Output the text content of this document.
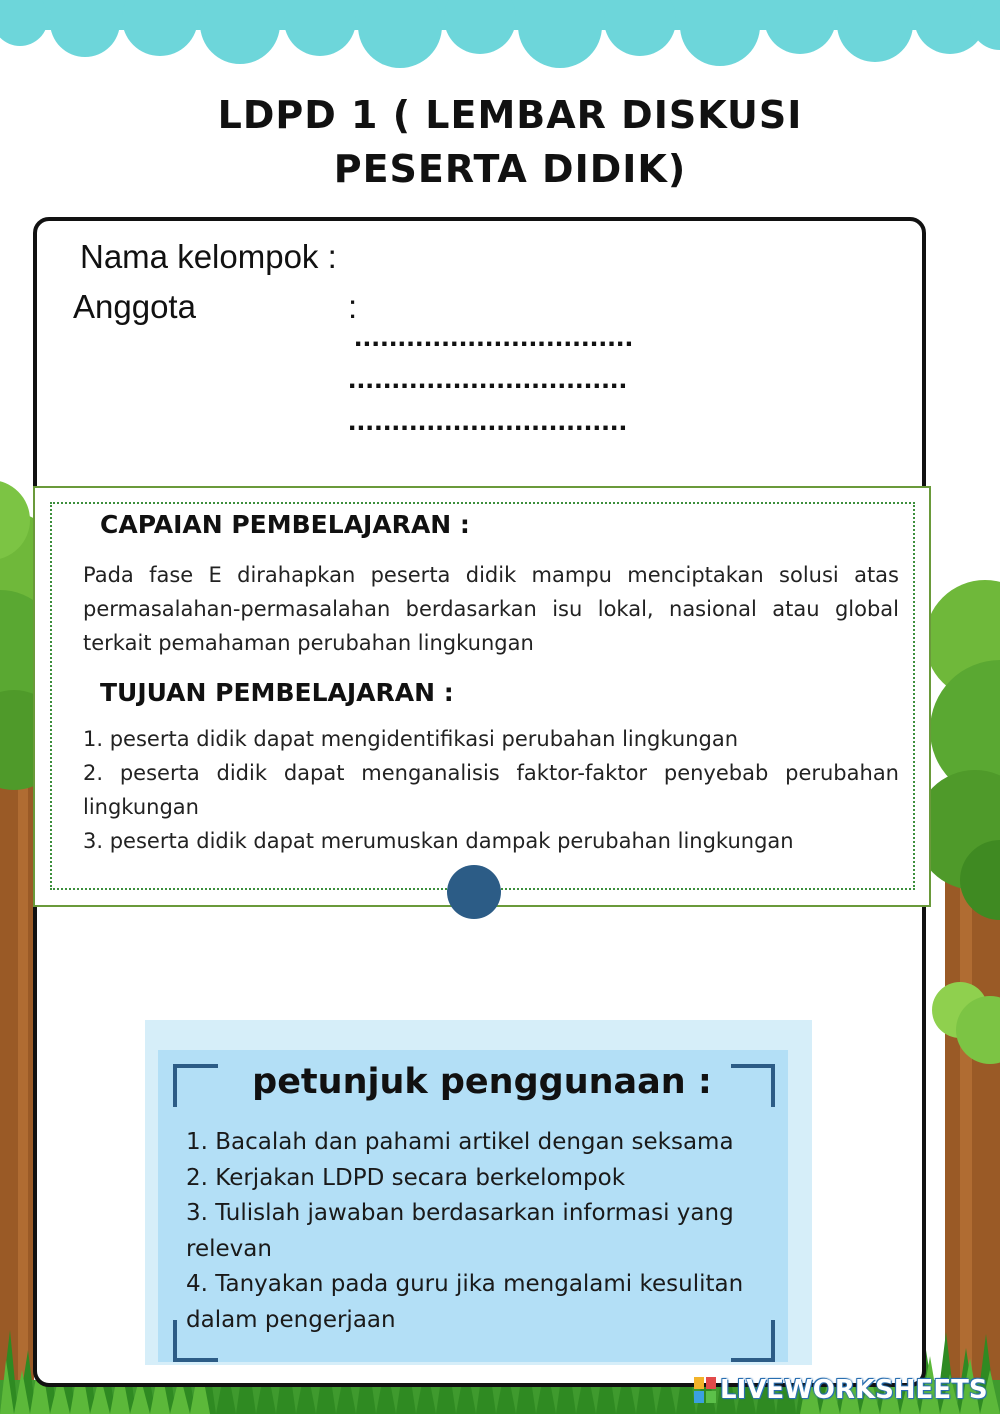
LDPD 1 ( LEMBAR DISKUSI PESERTA DIDIK)
Nama kelompok :
Anggota	:
................................
................................
................................
CAPAIAN PEMBELAJARAN :
Pada fase E dirahapkan peserta didik mampu menciptakan solusi atas permasalahan-permasalahan berdasarkan isu lokal, nasional atau global terkait pemahaman perubahan lingkungan
TUJUAN PEMBELAJARAN :
1. peserta didik dapat mengidentifikasi perubahan lingkungan
2. peserta didik dapat menganalisis faktor-faktor penyebab perubahan lingkungan
3. peserta didik dapat merumuskan dampak perubahan lingkungan
petunjuk penggunaan :
1. Bacalah dan pahami artikel dengan seksama
2. Kerjakan LDPD secara berkelompok
3. Tulislah jawaban berdasarkan informasi yang relevan
4. Tanyakan pada guru jika mengalami kesulitan dalam pengerjaan
LIVEWORKSHEETS
